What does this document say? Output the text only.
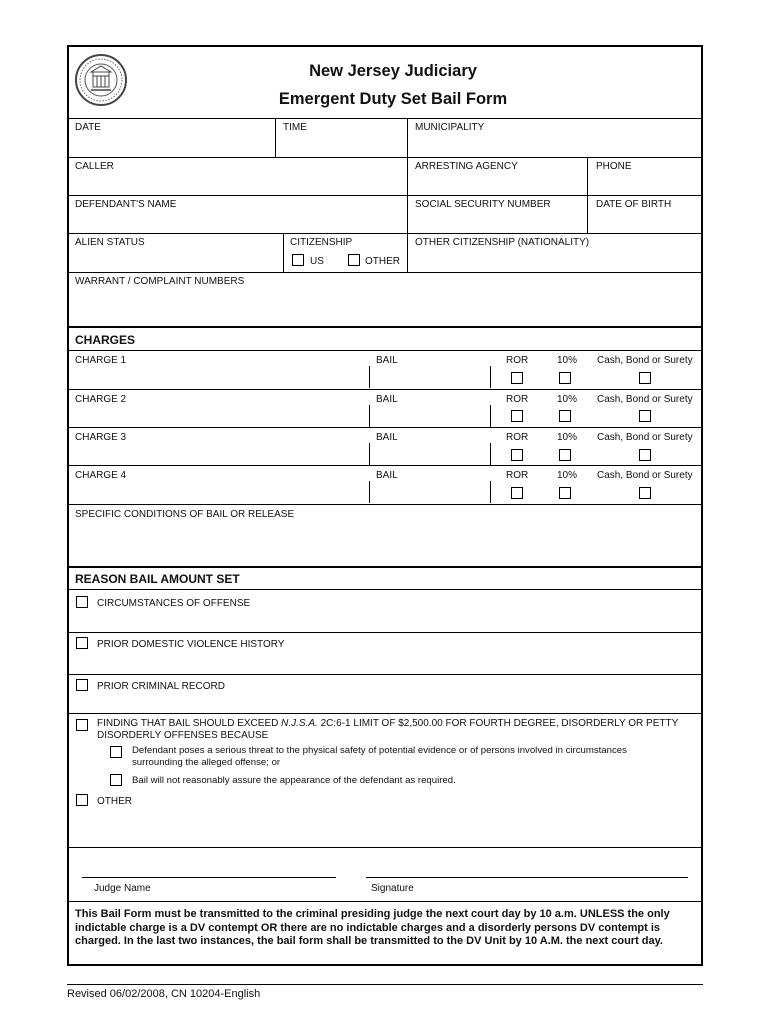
New Jersey Judiciary
Emergent Duty Set Bail Form
DATE	TIME	MUNICIPALITY
CALLER	ARRESTING AGENCY	PHONE
DEFENDANT'S NAME	SOCIAL SECURITY NUMBER	DATE OF BIRTH
ALIEN STATUS	CITIZENSHIP
US	OTHER
OTHER CITIZENSHIP (NATIONALITY)
WARRANT / COMPLAINT NUMBERS
CHARGES
CHARGE 1	BAIL	ROR	10% Cash, Bond or Surety
CHARGE 2	BAIL	ROR	10% Cash, Bond or Surety
CHARGE 3	BAIL	ROR	10% Cash, Bond or Surety
CHARGE 4	BAIL	ROR	10% Cash, Bond or Surety
SPECIFIC CONDITIONS OF BAIL OR RELEASE
REASON BAIL AMOUNT SET
CIRCUMSTANCES OF OFFENSE
PRIOR DOMESTIC VIOLENCE HISTORY
PRIOR CRIMINAL RECORD
FINDING THAT BAIL SHOULD EXCEED N.J.S.A. 2C:6-1 LIMIT OF $2,500.00 FOR FOURTH DEGREE, DISORDERLY OR PETTY
DISORDERLY OFFENSES BECAUSE
Defendant poses a serious threat to the physical safety of potential evidence or of persons involved in circumstances
surrounding the alleged offense; or
Bail will not reasonably assure the appearance of the defendant as required.
OTHER
Judge Name	Signature
This Bail Form must be transmitted to the criminal presiding judge the next court day by 10 a.m. UNLESS the only
indictable charge is a DV contempt OR there are no indictable charges and a disorderly persons DV contempt is
charged. In the last two instances, the bail form shall be transmitted to the DV Unit by 10 A.M. the next court day.
Revised 06/02/2008, CN 10204-English
